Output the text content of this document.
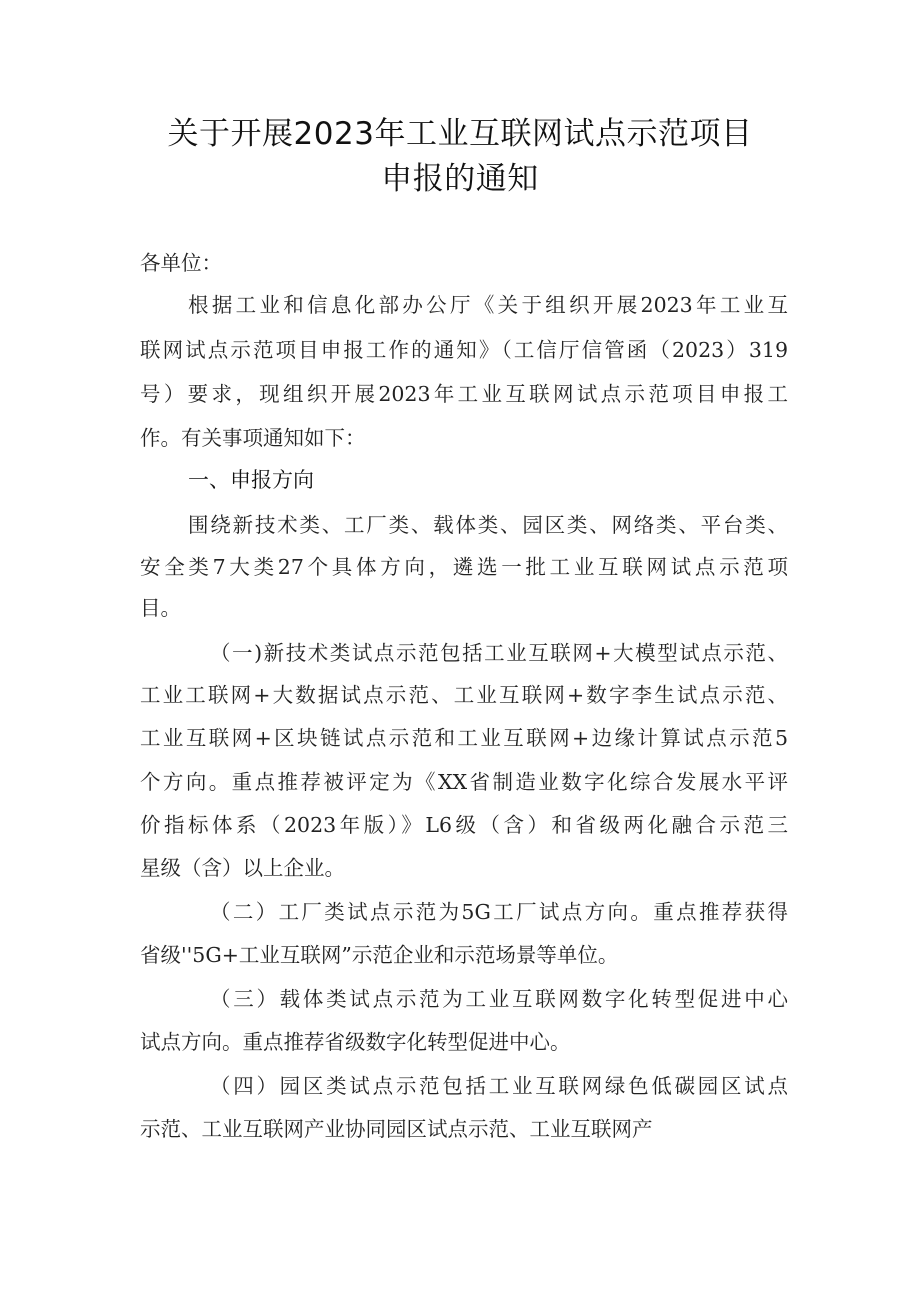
关于开展2023年工业互联网试点示范项目
申报的通知
各单位：
根据工业和信息化部办公厅《关于组织开展2023年工业互
联网试点示范项目申报工作的通知》（工信厅信管函（2023）319
号）要求，现组织开展2023年工业互联网试点示范项目申报工
作。有关事项通知如下：
一、申报方向
围绕新技术类、工厂类、载体类、园区类、网络类、平台类、
安全类7大类27个具体方向，遴选一批工业互联网试点示范项
目。
（一)新技术类试点示范包括工业互联网+大模型试点示范、
工业工联网+大数据试点示范、工业互联网+数字李生试点示范、
工业互联网+区块链试点示范和工业互联网+边缘计算试点示范5
个方向。重点推荐被评定为《XX省制造业数字化综合发展水平评
价指标体系（2023年版）》L6级（含）和省级两化融合示范三
星级（含）以上企业。
（二）工厂类试点示范为5G工厂试点方向。重点推荐获得
省级''5G+工业互联网”示范企业和示范场景等单位。
（三）载体类试点示范为工业互联网数字化转型促进中心
试点方向。重点推荐省级数字化转型促进中心。
（四）园区类试点示范包括工业互联网绿色低碳园区试点
示范、工业互联网产业协同园区试点示范、工业互联网产
